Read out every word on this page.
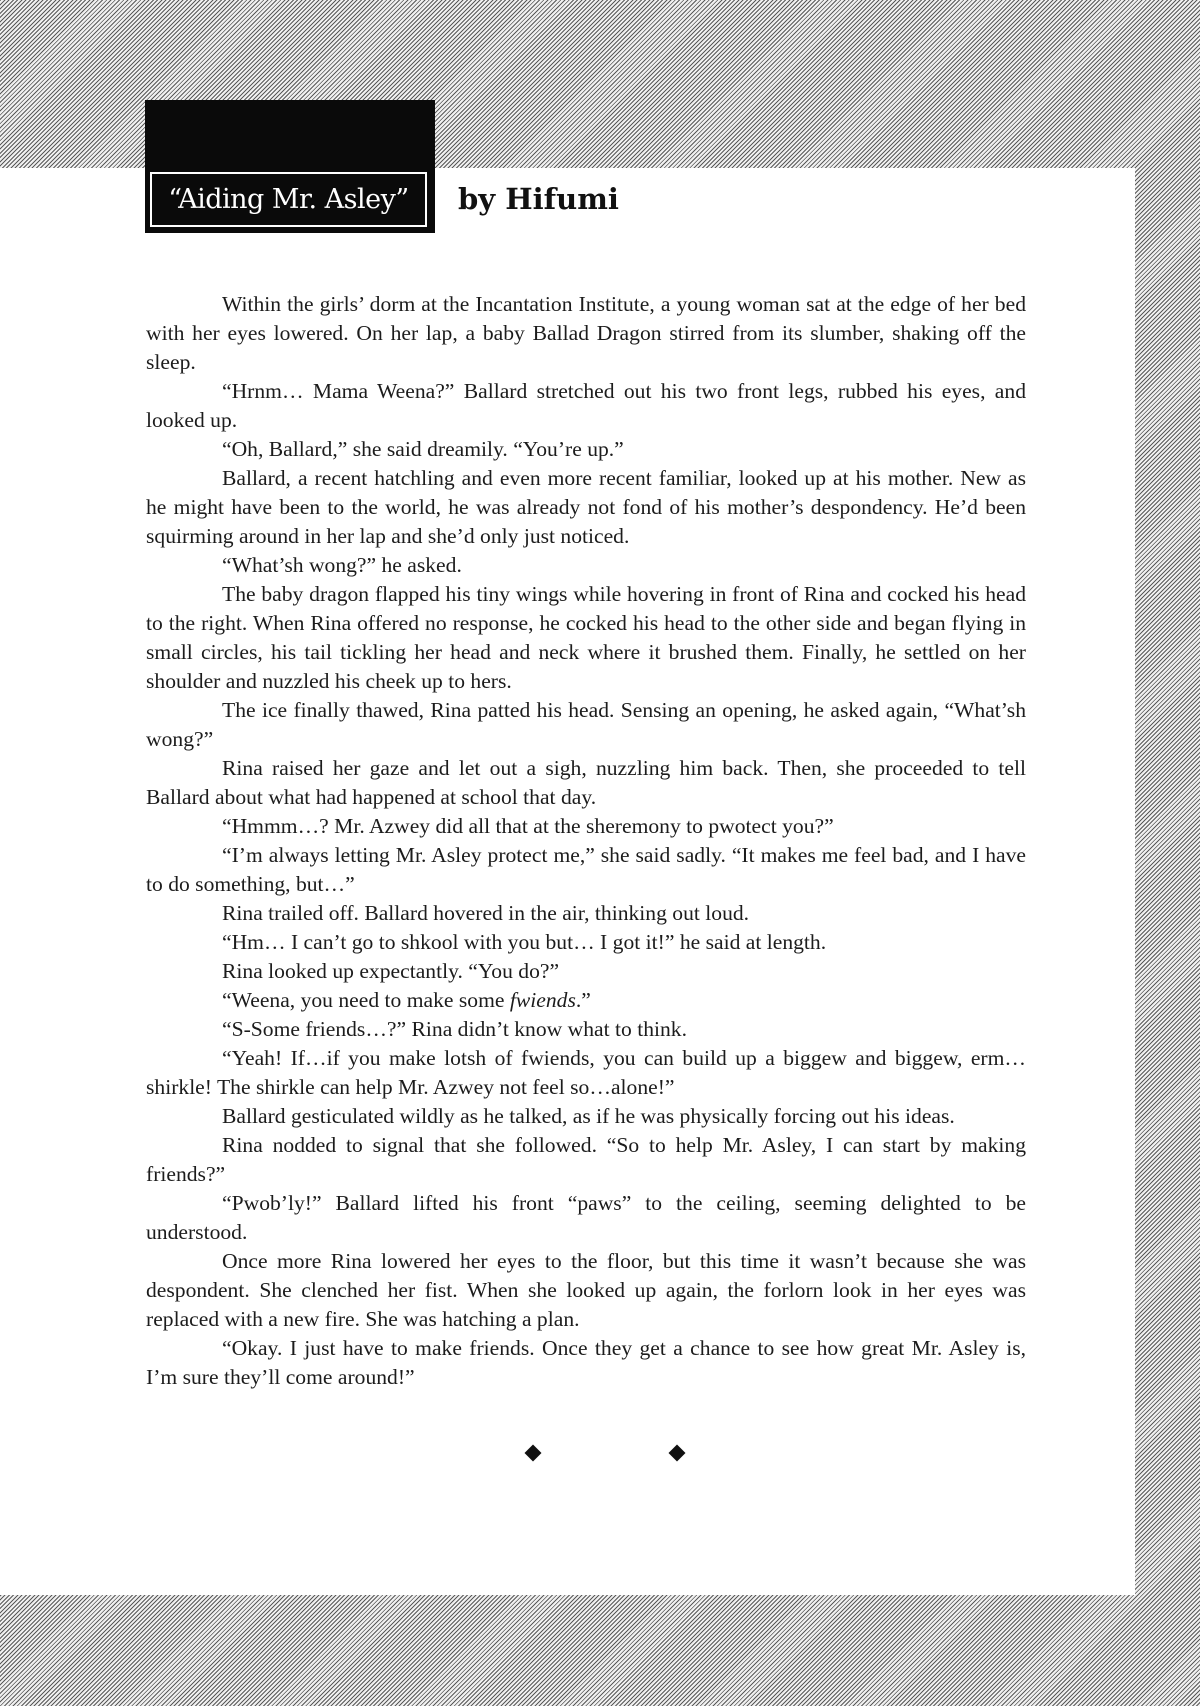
“Aiding Mr. Asley” by Hifumi

Within the girls’ dorm at the Incantation Institute, a young woman sat at the edge of her bed with her eyes lowered. On her lap, a baby Ballad Dragon stirred from its slumber, shaking off the sleep.

“Hrnm… Mama Weena?” Ballard stretched out his two front legs, rubbed his eyes, and looked up.

“Oh, Ballard,” she said dreamily. “You’re up.”

Ballard, a recent hatchling and even more recent familiar, looked up at his mother. New as he might have been to the world, he was already not fond of his mother’s despondency. He’d been squirming around in her lap and she’d only just noticed.

“What’sh wong?” he asked.

The baby dragon flapped his tiny wings while hovering in front of Rina and cocked his head to the right. When Rina offered no response, he cocked his head to the other side and began flying in small circles, his tail tickling her head and neck where it brushed them. Finally, he settled on her shoulder and nuzzled his cheek up to hers.

The ice finally thawed, Rina patted his head. Sensing an opening, he asked again, “What’sh wong?”

Rina raised her gaze and let out a sigh, nuzzling him back. Then, she proceeded to tell Ballard about what had happened at school that day.

“Hmmm…? Mr. Azwey did all that at the sheremony to pwotect you?”

“I’m always letting Mr. Asley protect me,” she said sadly. “It makes me feel bad, and I have to do something, but…”

Rina trailed off. Ballard hovered in the air, thinking out loud.

“Hm… I can’t go to shkool with you but… I got it!” he said at length.

Rina looked up expectantly. “You do?”

“Weena, you need to make some fwiends.”

“S-Some friends…?” Rina didn’t know what to think.

“Yeah! If…if you make lotsh of fwiends, you can build up a biggew and biggew, erm…shirkle! The shirkle can help Mr. Azwey not feel so…alone!”

Ballard gesticulated wildly as he talked, as if he was physically forcing out his ideas.

Rina nodded to signal that she followed. “So to help Mr. Asley, I can start by making friends?”

“Pwob’ly!” Ballard lifted his front “paws” to the ceiling, seeming delighted to be understood.

Once more Rina lowered her eyes to the floor, but this time it wasn’t because she was despondent. She clenched her fist. When she looked up again, the forlorn look in her eyes was replaced with a new fire. She was hatching a plan.

“Okay. I just have to make friends. Once they get a chance to see how great Mr. Asley is, I’m sure they’ll come around!”
